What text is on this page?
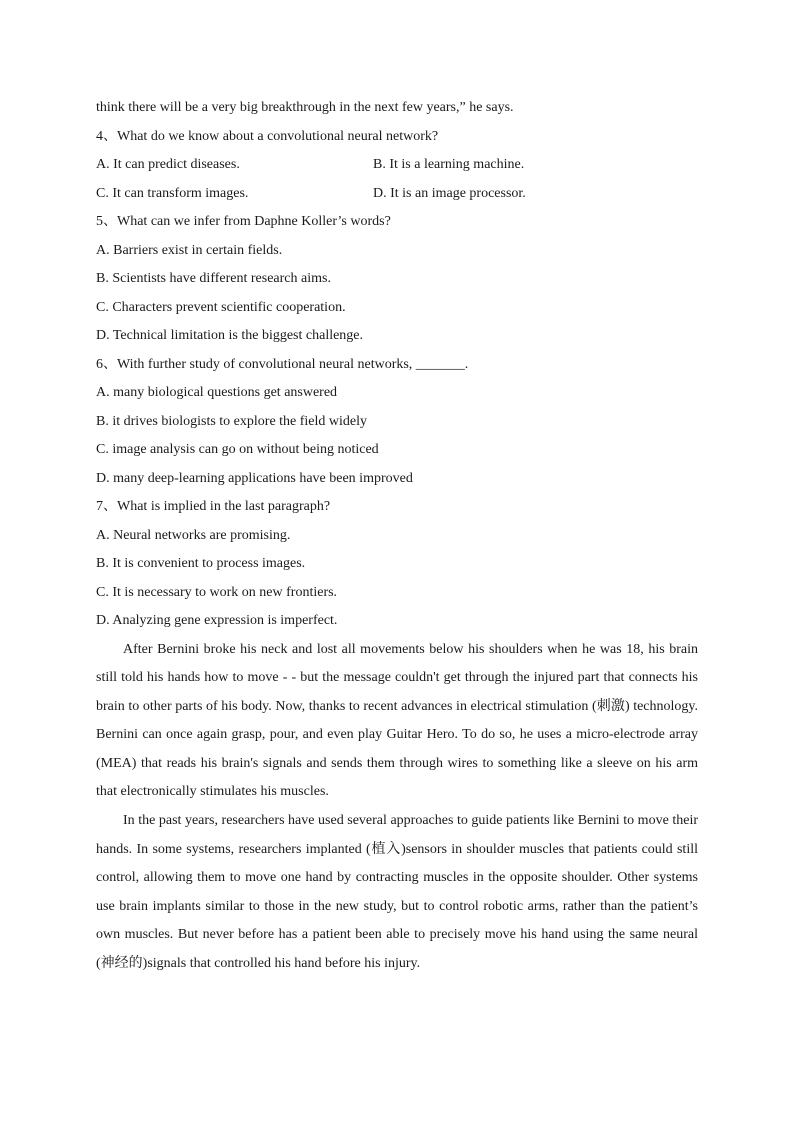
think there will be a very big breakthrough in the next few years,” he says.
4、What do we know about a convolutional neural network?
A. It can predict diseases.	B. It is a learning machine.
C. It can transform images.	D. It is an image processor.
5、What can we infer from Daphne Koller’s words?
A. Barriers exist in certain fields.
B. Scientists have different research aims.
C. Characters prevent scientific cooperation.
D. Technical limitation is the biggest challenge.
6、With further study of convolutional neural networks, _______.
A. many biological questions get answered
B. it drives biologists to explore the field widely
C. image analysis can go on without being noticed
D. many deep-learning applications have been improved
7、What is implied in the last paragraph?
A. Neural networks are promising.
B. It is convenient to process images.
C. It is necessary to work on new frontiers.
D. Analyzing gene expression is imperfect.

After Bernini broke his neck and lost all movements below his shoulders when he was 18, his brain still told his hands how to move - - but the message couldn't get through the injured part that connects his brain to other parts of his body. Now, thanks to recent advances in electrical stimulation (刺激) technology. Bernini can once again grasp, pour, and even play Guitar Hero. To do so, he uses a micro-electrode array (MEA) that reads his brain's signals and sends them through wires to something like a sleeve on his arm that electronically stimulates his muscles.

In the past years, researchers have used several approaches to guide patients like Bernini to move their hands. In some systems, researchers implanted (植入)sensors in shoulder muscles that patients could still control, allowing them to move one hand by contracting muscles in the opposite shoulder. Other systems use brain implants similar to those in the new study, but to control robotic arms, rather than the patient’s own muscles. But never before has a patient been able to precisely move his hand using the same neural (神经的)signals that controlled his hand before his injury.
